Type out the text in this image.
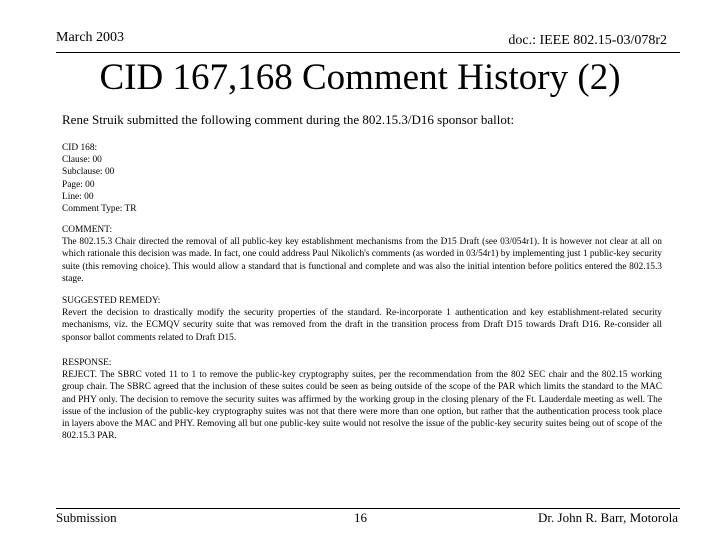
March 2003	doc.: IEEE 802.15-03/078r2
CID 167,168 Comment History (2)
Rene Struik submitted the following comment during the 802.15.3/D16 sponsor ballot:
CID 168:
Clause: 00
Subclause: 00
Page: 00
Line: 00
Comment Type: TR
COMMENT:
The 802.15.3 Chair directed the removal of all public-key key establishment mechanisms from the D15 Draft (see 03/054r1). It is however not clear at all on which rationale this decision was made. In fact, one could address Paul Nikolich's comments (as worded in 03/54r1) by implementing just 1 public-key security suite (this removing choice). This would allow a standard that is functional and complete and was also the initial intention before politics entered the 802.15.3 stage.
SUGGESTED REMEDY:
Revert the decision to drastically modify the security properties of the standard. Re-incorporate 1 authentication and key establishment-related security mechanisms, viz. the ECMQV security suite that was removed from the draft in the transition process from Draft D15 towards Draft D16. Re-consider all sponsor ballot comments related to Draft D15.
RESPONSE:
REJECT. The SBRC voted 11 to 1 to remove the public-key cryptography suites, per the recommendation from the 802 SEC chair and the 802.15 working group chair. The SBRC agreed that the inclusion of these suites could be seen as being outside of the scope of the PAR which limits the standard to the MAC and PHY only. The decision to remove the security suites was affirmed by the working group in the closing plenary of the Ft. Lauderdale meeting as well. The issue of the inclusion of the public-key cryptography suites was not that there were more than one option, but rather that the authentication process took place in layers above the MAC and PHY. Removing all but one public-key suite would not resolve the issue of the public-key security suites being out of scope of the 802.15.3 PAR.
Submission	16	Dr. John R. Barr, Motorola
